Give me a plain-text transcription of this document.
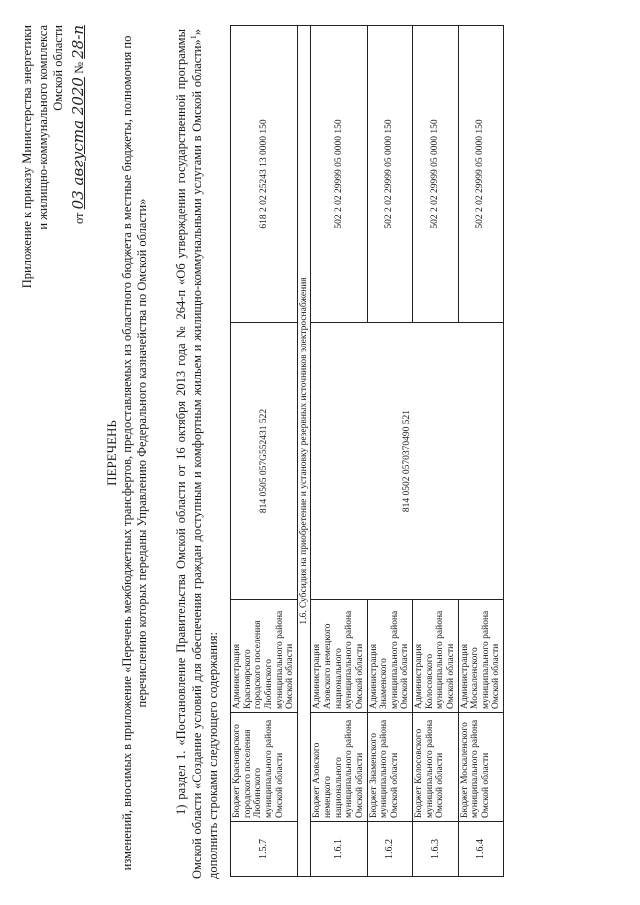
Приложение к приказу Министерства энергетики и жилищно-коммунального комплекса Омской области
от 03 августа 2020 № 28-п
ПЕРЕЧЕНЬ изменений, вносимых в приложение «Перечень межбюджетных трансфертов, предоставляемых из областного бюджета в местные бюджеты, полномочия по перечислению которых переданы Управлению Федерального казначейства по Омской области» 1) раздел 1. «Постановление Правительства Омской области от 16 октября 2013 года № 264-п «Об утверждении государственной программы Омской области «Создание условий для обеспечения граждан доступным и комфортным жильем и жилищно-коммунальными услугами в Омской области»$^1$» дополнить строками следующего содержания:	1.5.7	Бюджет Красноярского городского поселения Любинского муниципального района Омской области	Администрация Красноярского городского поселения Любинского муниципального района Омской области	814 0505 057G552431 522	618 2 02 25243 13 0000 150
1.6. Субсидия на приобретение и установку резервных источников электроснабжения				
1.6.1	Бюджет Азовского немецкого национального муниципального района Омской области	Администрация Азовского немецкого национального муниципального района Омской области	814 0502 0570370490 521	502 2 02 29999 05 0000 150
1.6.2	Бюджет Знаменского муниципального района Омской области	Администрация Знаменского муниципального района Омской области		502 2 02 29999 05 0000 150
1.6.3	Бюджет Колосовского муниципального района Омской области	Администрация Колосовского муниципального района Омской области		502 2 02 29999 05 0000 150
1.6.4	Бюджет Москаленского муниципального района Омской области	Администрация Москаленского муниципального района Омской области		502 2 02 29999 05 0000 150
